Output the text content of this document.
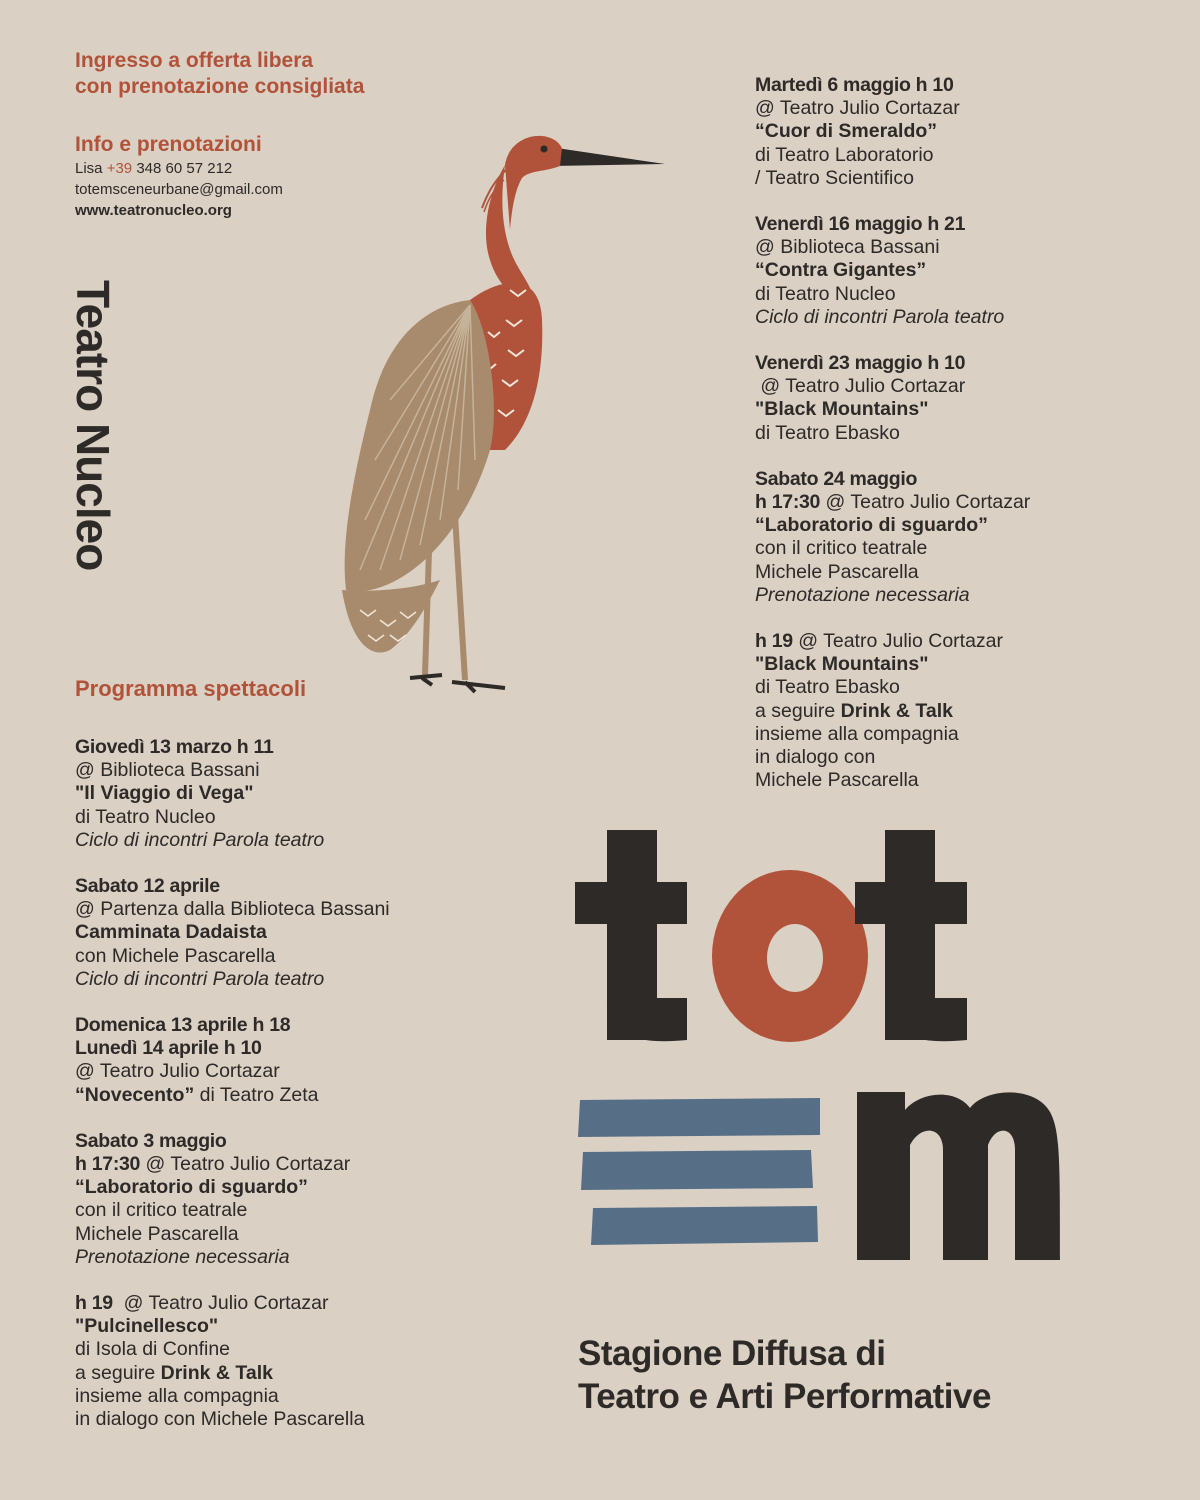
Ingresso a offerta libera
con prenotazione consigliata
Info e prenotazioni
Lisa +39 348 60 57 212
totemsceneurbane@gmail.com
www.teatronucleo.org
Teatro Nucleo
Programma spettacoli
Giovedì 13 marzo h 11
@ Biblioteca Bassani
"Il Viaggio di Vega"
di Teatro Nucleo
Ciclo di incontri Parola teatro
Sabato 12 aprile
@ Partenza dalla Biblioteca Bassani
Camminata Dadaista
con Michele Pascarella
Ciclo di incontri Parola teatro
Domenica 13 aprile h 18
Lunedì 14 aprile h 10
@ Teatro Julio Cortazar
“Novecento” di Teatro Zeta
Sabato 3 maggio
h 17:30 @ Teatro Julio Cortazar
“Laboratorio di sguardo”
con il critico teatrale
Michele Pascarella
Prenotazione necessaria
h 19  @ Teatro Julio Cortazar
"Pulcinellesco"
di Isola di Confine
a seguire Drink & Talk
insieme alla compagnia
in dialogo con Michele Pascarella
Martedì 6 maggio h 10
@ Teatro Julio Cortazar
“Cuor di Smeraldo”
di Teatro Laboratorio
/ Teatro Scientifico
Venerdì 16 maggio h 21
@ Biblioteca Bassani
“Contra Gigantes”
di Teatro Nucleo
Ciclo di incontri Parola teatro
Venerdì 23 maggio h 10
@ Teatro Julio Cortazar
"Black Mountains"
di Teatro Ebasko
Sabato 24 maggio
h 17:30 @ Teatro Julio Cortazar
“Laboratorio di sguardo”
con il critico teatrale
Michele Pascarella
Prenotazione necessaria
h 19 @ Teatro Julio Cortazar
"Black Mountains"
di Teatro Ebasko
a seguire Drink & Talk
insieme alla compagnia
in dialogo con
Michele Pascarella
Stagione Diffusa di
Teatro e Arti Performative
